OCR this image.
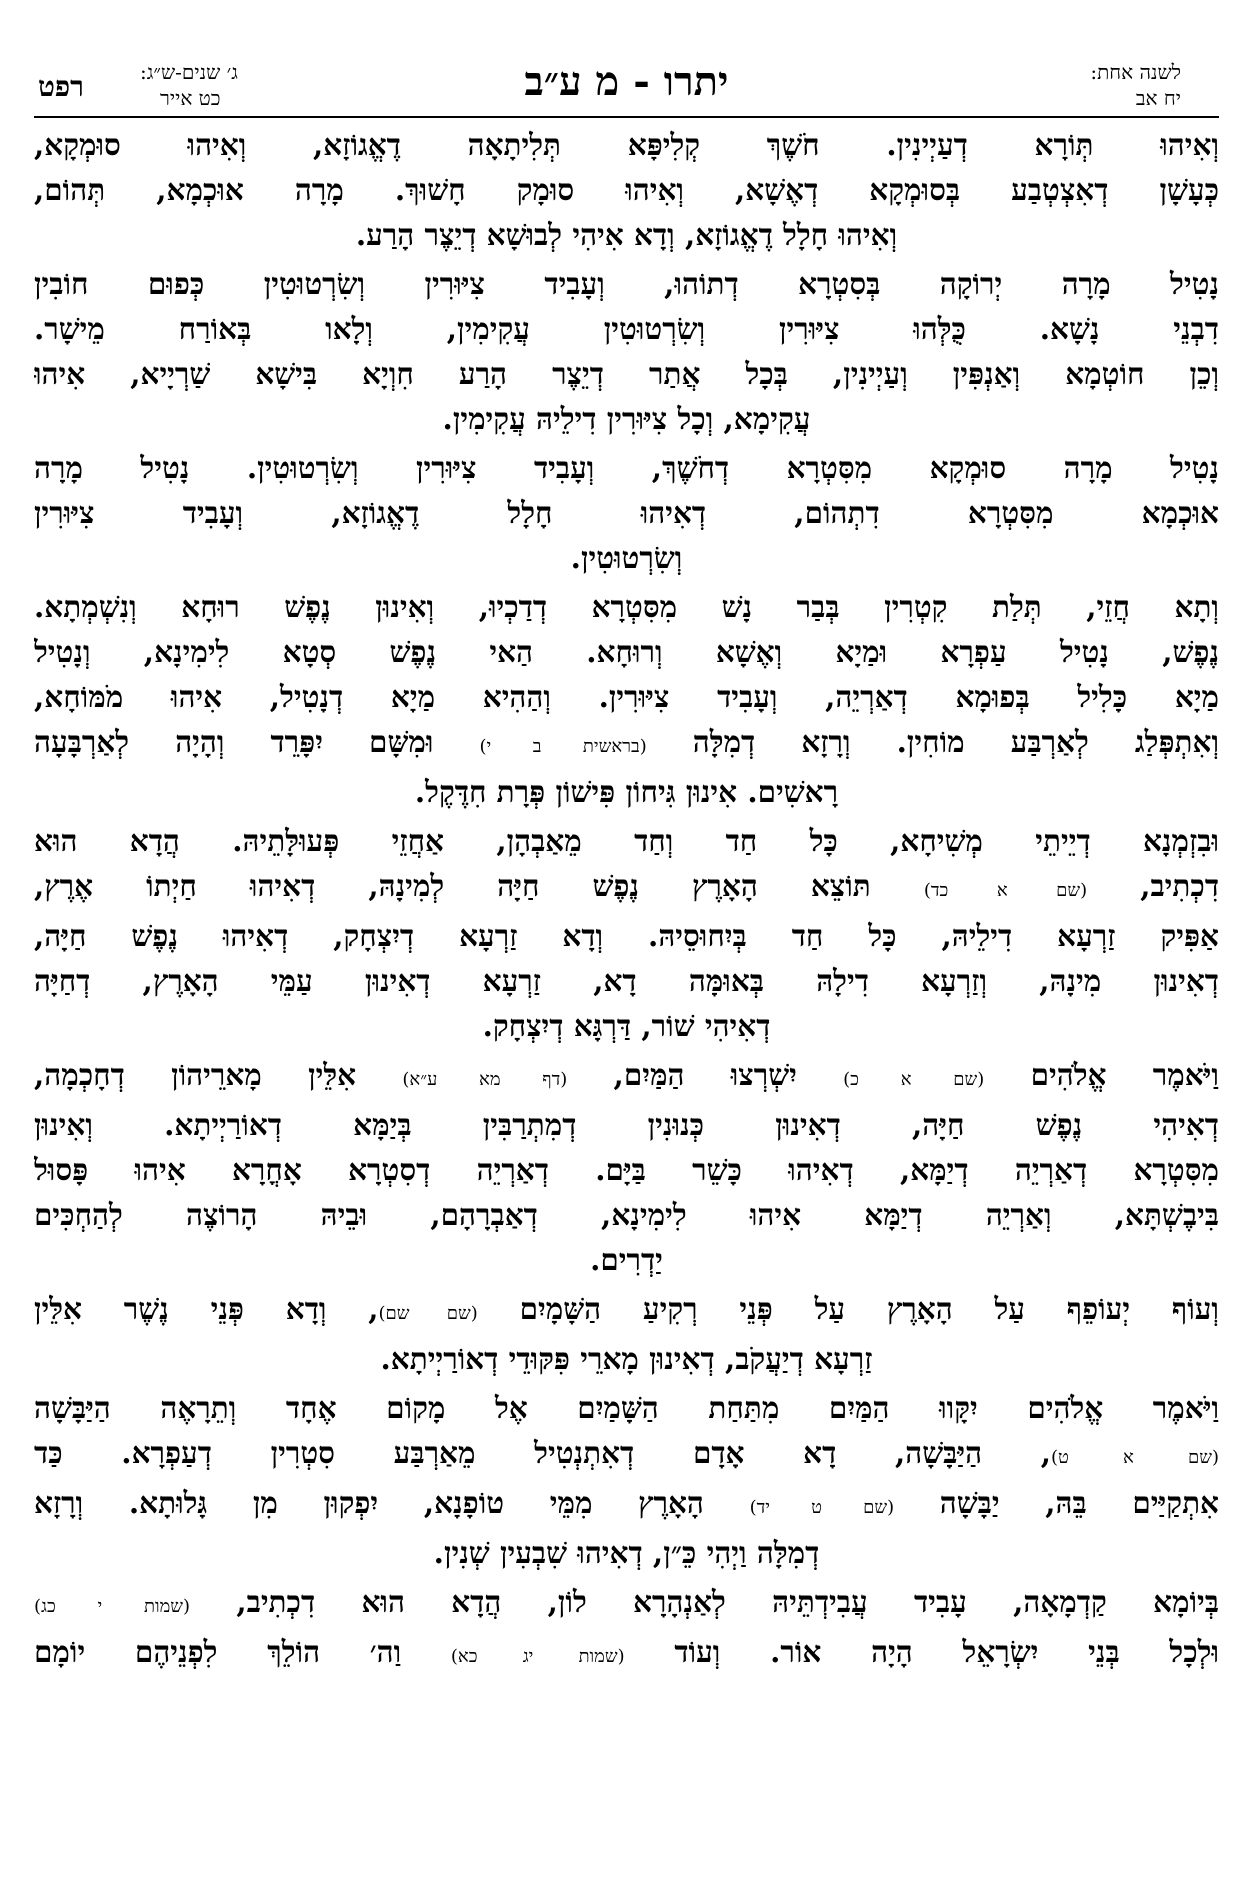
לשנה אחת:
יח אב
יתרו - מ ע״ב
ג׳ שנים-ש״ג:
כט אייר
רפט
וְאִיהוּ תְּוֹרָא דְעַיְינִין. חֹשֶׁךְ קְלִיפָּא תְּלִיתָאָה דֶאֱגוֹזָא, וְאִיהוּ סוּמְקָא,
כְּעָשָׁן דְאִצְטְבַע בְּסוּמְקָא דְאֶשָׁא, וְאִיהוּ סוּמָק חָשׁוּךְ. מָרָה אוּכְמָא, תְּהוֹם,
וְאִיהוּ חָלָל דֶאֱגוֹזָא, וְדָא אִיהִי לְבוּשָׁא דְיֵצֶר הָרַע.
נָטִיל מָרָה יְרוֹקָה בְּסִטְרָא דְתוֹהוּ, וְעָבִיד צִיּוּרִין וְשִׂרְטוּטִין כְּפוּם חוֹבִין
דִבְנֵי נָשָׁא. כֻּלְּהוּ צִיּוּרִין וְשִׂרְטוּטִין עֲקִימִין, וְלָאו בְּאוֹרַח מֵישָׁר.
וְכֵן חוֹטְמָא וְאַנְפִּין וְעַיְינִין, בְּכָל אֲתַר דְיֵצֶר הָרַע חִוְיָא בִּישָׁא שַׁרְיָיא, אִיהוּ
עֲקִימָא, וְכָל צִיּוּרִין דִילֵיהּ עֲקִימִין.
נָטִיל מָרָה סוּמְקָא מִסִּטְרָא דְחֹשֶׁךְ, וְעָבִיד צִיּוּרִין וְשִׂרְטוּטִין. נָטִיל מָרָה
אוּכְמָא מִסִּטְרָא דִתְהוֹם, דְאִיהוּ חָלָל דֶאֱגוֹזָא, וְעָבִיד צִיּוּרִין
וְשִׂרְטוּטִין.
וְתָא חֲזֵי, תְּלַת קִטְרִין בְּבַר נָשׁ מִסִּטְרָא דְדַכְיוּ, וְאִינוּן נֶפֶשׁ רוּחָא וְנִשְׁמְתָא.
נֶפֶשׁ, נָטִיל עַפְרָא וּמַיָא וְאֶשָׁא וְרוּחָא. הַאי נֶפֶשׁ סְטָא לִימִינָא, וְנָטִיל
מַיָא כָּלִיל בְּפוּמָא דְאַרְיֵה, וְעָבִיד צִיּוּרִין. וְהַהִיא מַיָא דְנָטִיל, אִיהוּ מֹמּוֹחָא,
וְאִתְפְּלַג לְאַרְבַּע מוֹחִין. וְרָזָא דְמִלָּה (בראשית ב י) וּמִשָּׁם יִפָּרֵד וְהָיָה לְאַרְבָּעָה
רָאשִׁים. אִינוּן גִּיחוֹן פִּישׁוֹן פְּרָת חִדֶּקֶל.
וּבִזְמְנָא דְיֵיתֵי מְשִׁיחָא, כָּל חַד וְחַד מֵאַבְהָן, אַחֲזֵי פְּעוּלָּתֵיהּ. הֲדָא הוּא
דִכְתִיב, (שם א כד) תּוֹצֵא הָאָרֶץ נֶפֶשׁ חַיָּה לְמִינָהּ, דְאִיהוּ חַיְתוֹ אֶרֶץ,
אַפִּיק זַרְעָא דִילֵיהּ, כָּל חַד בְּיִחוּסֵיהּ. וְדָא זַרְעָא דְיִצְחָק, דְאִיהוּ נֶפֶשׁ חַיָּה,
דְאִינוּן מִינָהּ, וְזַרְעָא דִילָהּ בְּאוּמָּה דָא, זַרְעָא דְאִינוּן עַמֵּי הָאָרֶץ, דְחַיָּה
דְאִיהִי שׁוֹר, דַּרְגָּא דְיִצְחָק.
וַיֹּאמֶר אֱלֹהִים (שם א כ) יִשְׁרְצוּ הַמַּיִם, (דף מא ע״א) אִלֵּין מָארֵיהוֹן דְחָכְמָה,
דְאִיהִי נֶפֶשׁ חַיָּה, דְאִינוּן כְּנוּנִין דְמִתְרַבִּין בְּיַמָּא דְאוֹרַיְיתָא. וְאִינוּן
מִסִּטְרָא דְאַרְיֵה דְיַמָּא, דְאִיהוּ כָּשֵׁר בַּיָּם. דְאַרְיֵה דְסִטְרָא אָחֳרָא אִיהוּ פָּסוּל
בִּיבֶשְׁתָּא, וְאַרְיֵה דְיַמָּא אִיהוּ לִימִינָא, דְאַבְרָהָם, וּבֵיהּ הָרוֹצֶה לְהַחְכִּים
יַדְרִים.
וְעוֹף יְעוֹפֵף עַל הָאָרֶץ עַל פְּנֵי רְקִיעַ הַשָּׁמָיִם (שם שם), וְדָא פְּנֵי נֶשֶׁר אִלֵּין
זַרְעָא דְיַעֲקֹב, דְאִינוּן מָארֵי פִּקּוּדֵי דְאוֹרַיְיתָא.
וַיֹּאמֶר אֱלֹהִים יִקָּווּ הַמַּיִם מִתַּחַת הַשָּׁמַיִם אֶל מָקוֹם אֶחָד וְתֵרָאֶה הַיַּבָּשָׁה
(שם א ט), הַיַּבָּשָׁה, דָא אָדָם דְאִתְנְטִיל מֵאַרְבַּע סִטְרִין דְעַפְרָא. כַּד
אִתְקַיַּים בֵּהּ, יַבָּשָׁה (שם ט יד) הָאָרֶץ מִמֵּי טוֹפָנָא, יִפְקוּן מִן גָּלוּתָא. וְרָזָא
דְמִלָּה וַיְהִי כֵּ״ן, דְאִיהוּ שִׁבְעִין שְׁנִין.
בְּיוֹמָא קַדְמָאָה, עָבִיד עֲבִידְתֵּיהּ לְאַנְהָרָא לוֹן, הֲדָא הוּא דִכְתִיב, (שמות י כג)
וּלְכָל בְּנֵי יִשְׂרָאֵל הָיָה אוֹר. וְעוֹד (שמות יג כא) וַה׳ הוֹלֵךְ לִפְנֵיהֶם יוֹמָם
